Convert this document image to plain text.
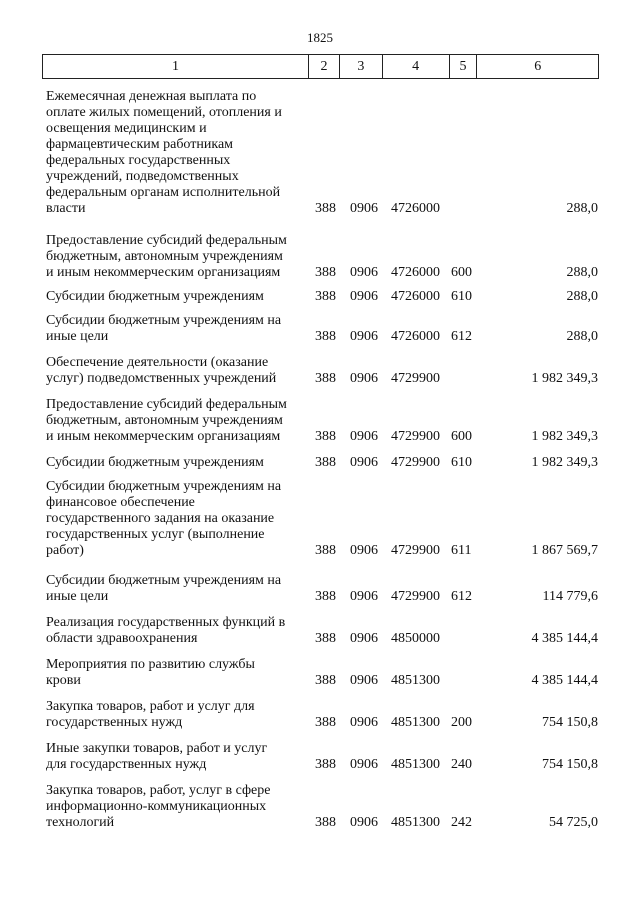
1825
1	2	3	4	5	6
Ежемесячная денежная выплата по
оплате жилых помещений, отопления и
освещения медицинским и
фармацевтическим работникам
федеральных государственных
учреждений, подведомственных
федеральным органам исполнительной
власти	388 0906 4726000	288,0
Предоставление субсидий федеральным
бюджетным, автономным учреждениям
и иным некоммерческим организациям	388 0906 4726000 600	288,0
Субсидии бюджетным учреждениям	388 0906 4726000 610	288,0
Субсидии бюджетным учреждениям на
иные цели	388 0906 4726000 612	288,0
Обеспечение деятельности (оказание
услуг) подведомственных учреждений	388 0906 4729900	1 982 349,3
Предоставление субсидий федеральным
бюджетным, автономным учреждениям
и иным некоммерческим организациям	388 0906 4729900 600	1 982 349,3
Субсидии бюджетным учреждениям	388 0906 4729900 610	1 982 349,3
Субсидии бюджетным учреждениям на
финансовое обеспечение
государственного задания на оказание
государственных услуг (выполнение
работ)	388 0906 4729900 611	1 867 569,7
Субсидии бюджетным учреждениям на
иные цели	388 0906 4729900 612	114 779,6
Реализация государственных функций в
области здравоохранения	388 0906 4850000	4 385 144,4
Мероприятия по развитию службы
крови	388 0906 4851300	4 385 144,4
Закупка товаров, работ и услуг для
государственных нужд	388 0906 4851300 200	754 150,8
Иные закупки товаров, работ и услуг
для государственных нужд	388 0906 4851300 240	754 150,8
Закупка товаров, работ, услуг в сфере
информационно-коммуникационных
технологий	388 0906 4851300 242	54 725,0
